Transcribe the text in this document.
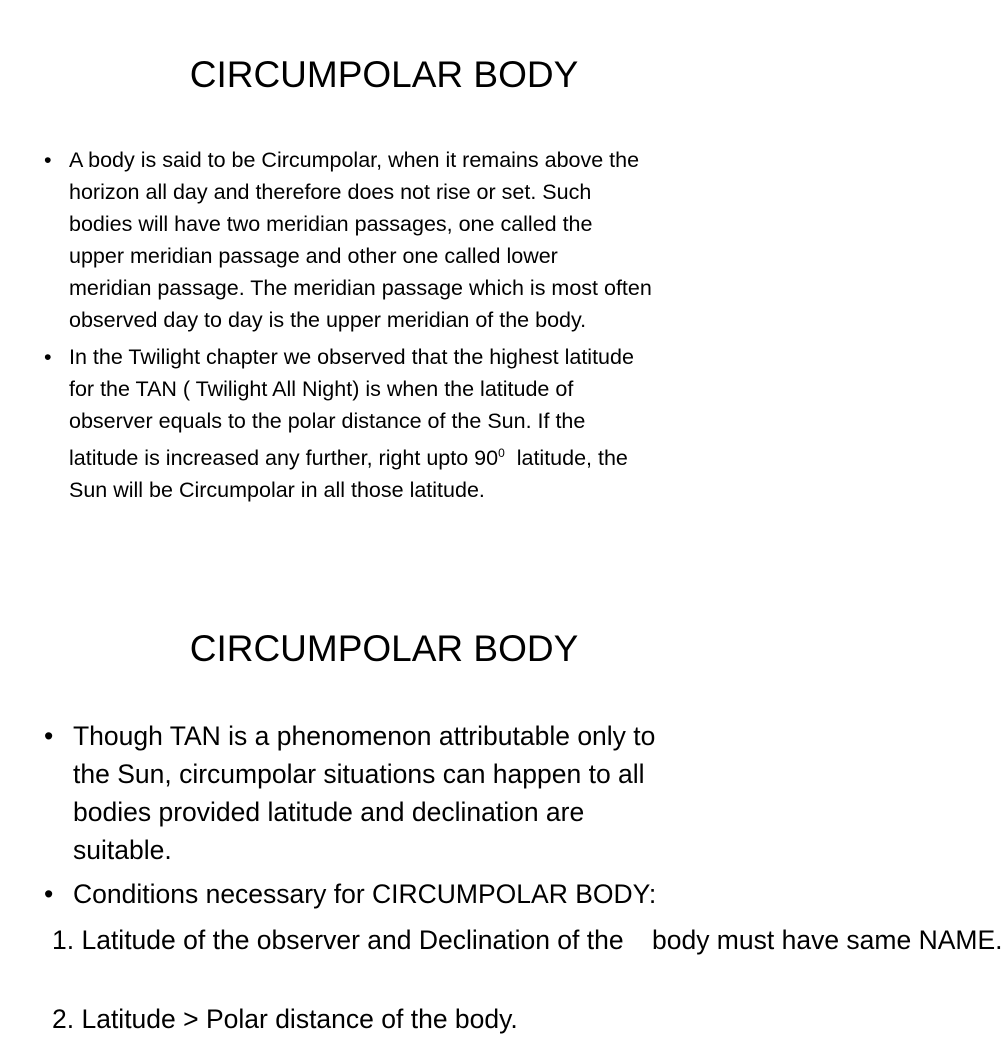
CIRCUMPOLAR BODY
• A body is said to be Circumpolar, when it remains above the
horizon all day and therefore does not rise or set. Such
bodies will have two meridian passages, one called the
upper meridian passage and other one called lower
meridian passage. The meridian passage which is most often
observed day to day is the upper meridian of the body.
• In the Twilight chapter we observed that the highest latitude
for the TAN ( Twilight All Night) is when the latitude of
observer equals to the polar distance of the Sun. If the
latitude is increased any further, right upto $90^0$  latitude, the
Sun will be Circumpolar in all those latitude.
CIRCUMPOLAR BODY
• Though TAN is a phenomenon attributable only to
the Sun, circumpolar situations can happen to all
bodies provided latitude and declination are
suitable.
• Conditions necessary for CIRCUMPOLAR BODY:
1. Latitude of the observer and Declination of the body must have same NAME.
2. Latitude > Polar distance of the body.
